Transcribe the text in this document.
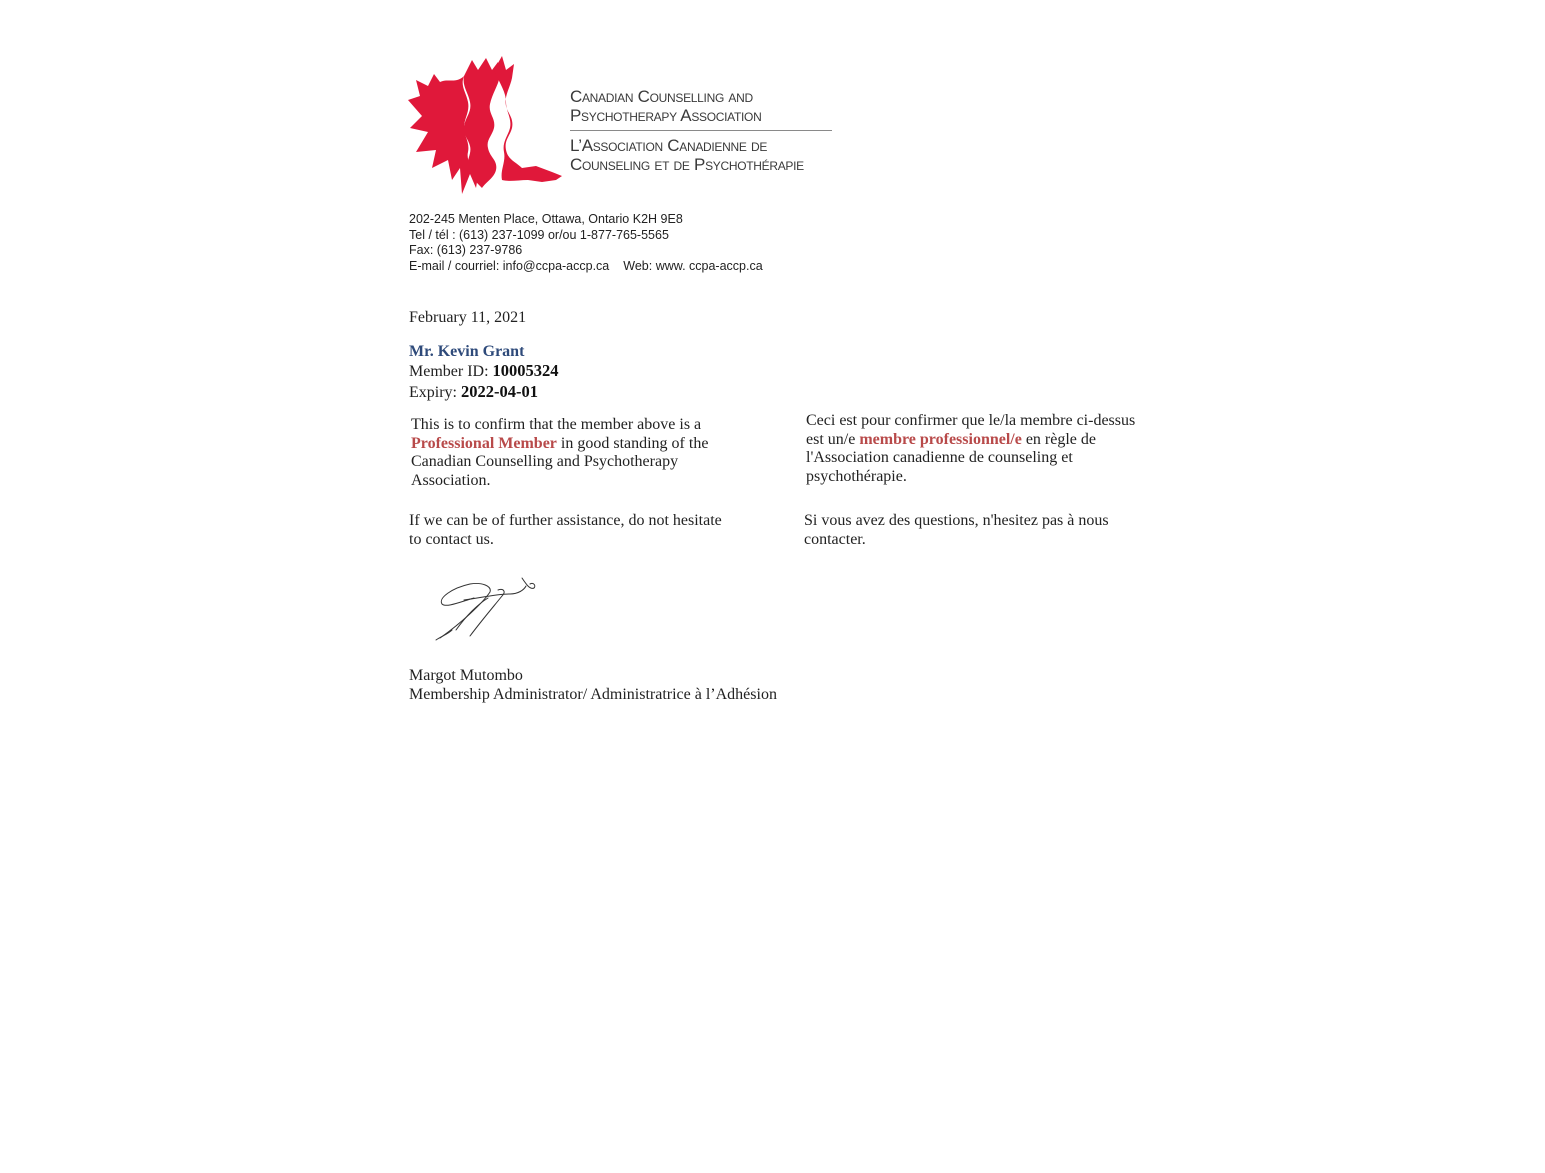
Canadian Counselling and
Psychotherapy Association
L’Association Canadienne de
Counseling et de Psychothérapie
202-245 Menten Place, Ottawa, Ontario K2H 9E8
Tel / tél : (613) 237-1099 or/ou 1-877-765-5565
Fax: (613) 237-9786
E-mail / courriel: info@ccpa-accp.ca Web: www. ccpa-accp.ca
February 11, 2021
Mr. Kevin Grant
Member ID: 10005324
Expiry: 2022-04-01
This is to confirm that the member above is a Professional Member in good standing of the Canadian Counselling and Psychotherapy Association.
Ceci est pour confirmer que le/la membre ci-dessus est un/e membre professionnel/e en règle de l'Association canadienne de counseling et psychothérapie.
If we can be of further assistance, do not hesitate to contact us.
Si vous avez des questions, n'hesitez pas à nous contacter.
Margot Mutombo
Membership Administrator/ Administratrice à l’Adhésion
